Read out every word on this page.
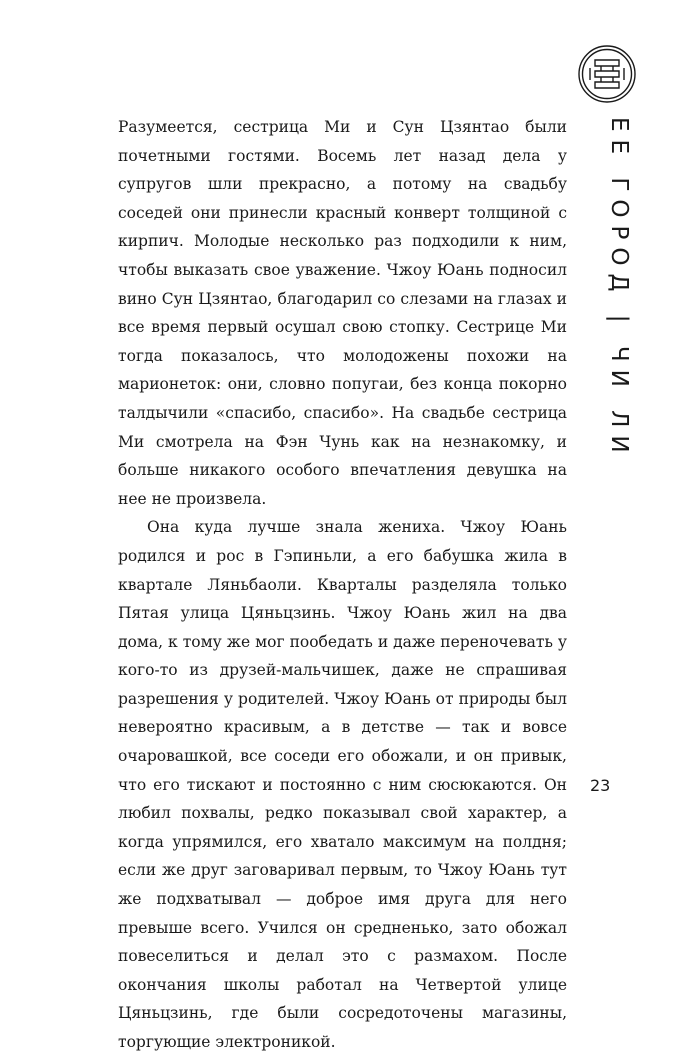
ЕЕ ГОРОД | ЧИ ЛИ

Разумеется, сестрица Ми и Сун Цзянтао были почетными гостями. Восемь лет назад дела у супругов шли прекрасно, а потому на свадьбу соседей они принесли красный конверт толщиной с кирпич. Молодые несколько раз подходили к ним, чтобы выказать свое уважение. Чжоу Юань подносил вино Сун Цзянтао, благодарил со слезами на глазах и все время первый осушал свою стопку. Сестрице Ми тогда показалось, что молодожены похожи на марионеток: они, словно попугаи, без конца покорно талдычили «спасибо, спасибо». На свадьбе сестрица Ми смотрела на Фэн Чунь как на незнакомку, и больше никакого особого впечатления девушка на нее не произвела.

Она куда лучше знала жениха. Чжоу Юань родился и рос в Гэпиньли, а его бабушка жила в квартале Ляньбаоли. Кварталы разделяла только Пятая улица Цяньцзинь. Чжоу Юань жил на два дома, к тому же мог пообедать и даже переночевать у кого-то из друзей-мальчишек, даже не спрашивая разрешения у родителей. Чжоу Юань от природы был невероятно красивым, а в детстве — так и вовсе очаровашкой, все соседи его обожали, и он привык, что его тискают и постоянно с ним сюсюкаются. Он любил похвалы, редко показывал свой характер, а когда упрямился, его хватало максимум на полдня; если же друг заговаривал первым, то Чжоу Юань тут же подхватывал — доброе имя друга для него превыше всего. Учился он средненько, зато обожал повеселиться и делал это с размахом. После окончания школы работал на Четвертой улице Цяньцзинь, где были сосредоточены магазины, торгующие электроникой.

23
